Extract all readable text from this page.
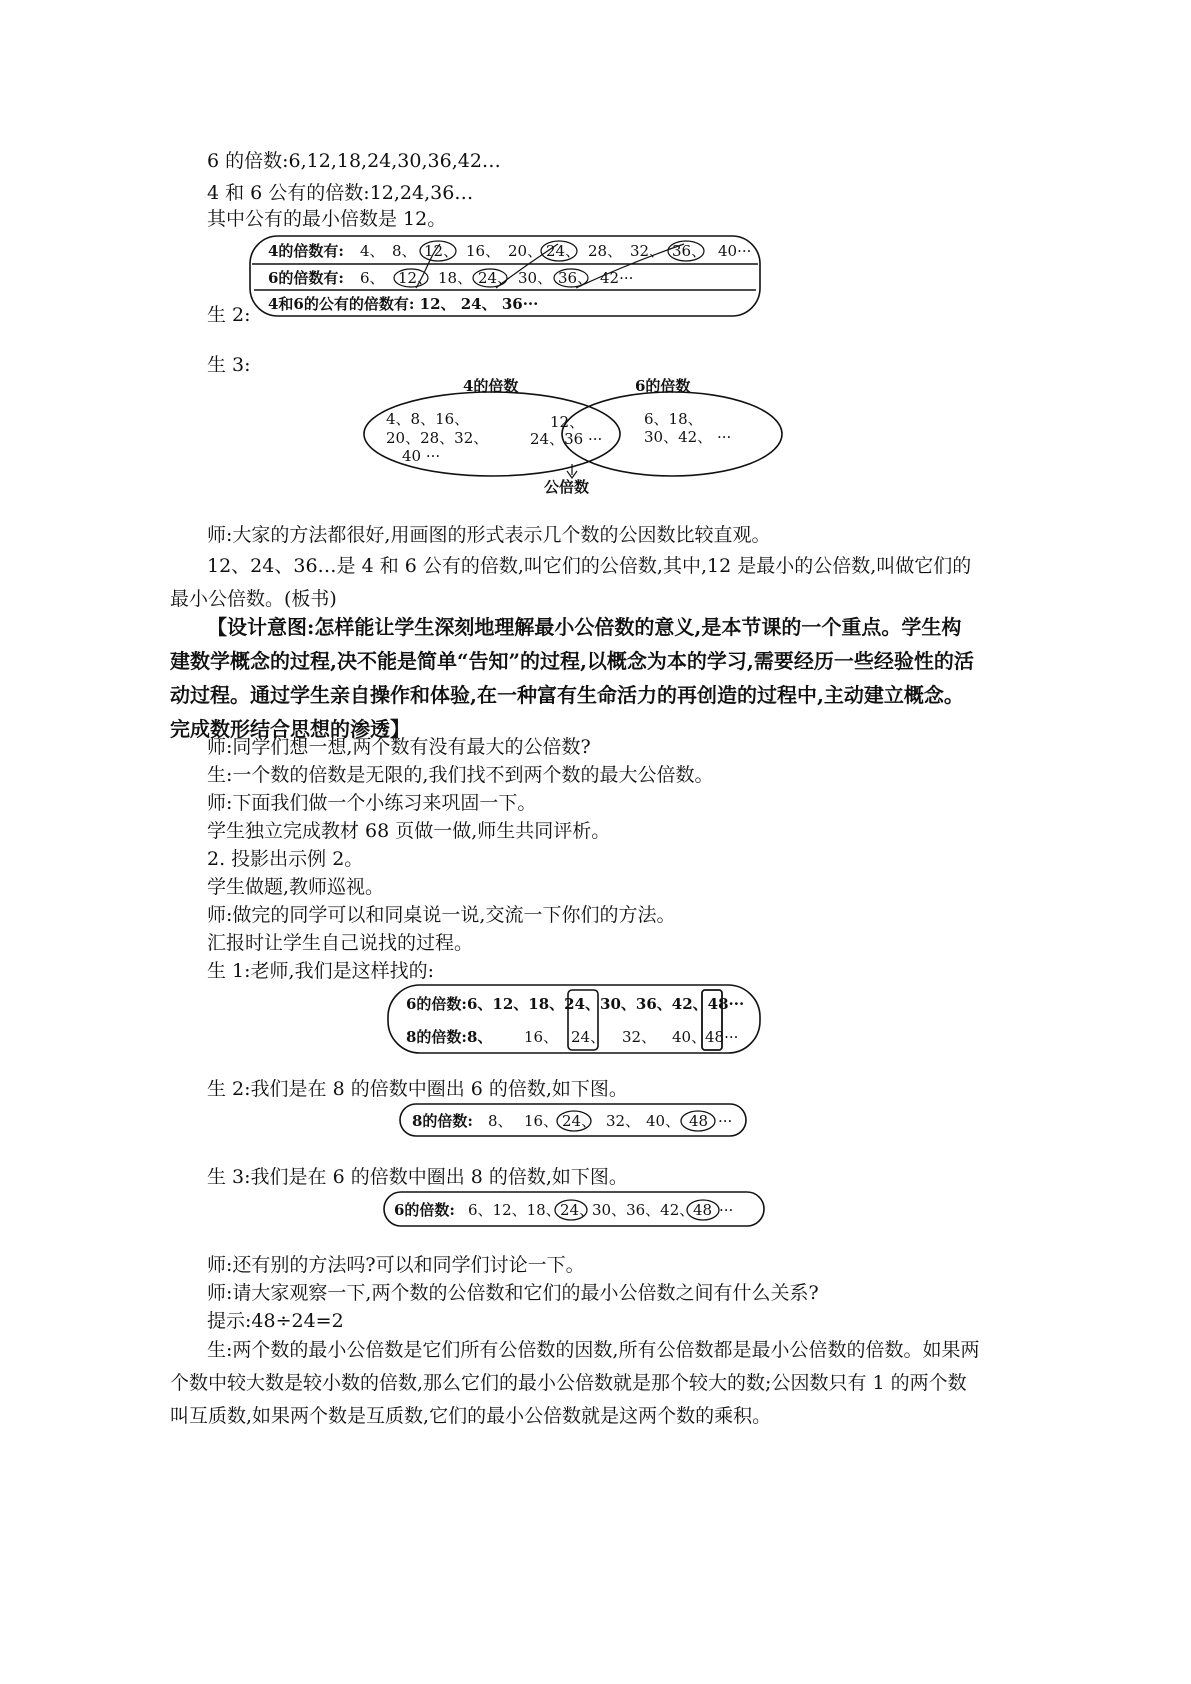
6 的倍数:6,12,18,24,30,36,42…
4 和 6 公有的倍数:12,24,36…
其中公有的最小倍数是 12。
4的倍数有: 4、 8、 12、 16、 20、 24、 28、 32、 36、 40···
6的倍数有: 6、 12、 18、 24、 30、 36、 42···
4和6的公有的倍数有: 12、 24、 36···
生 2:
生 3:
4的倍数	6的倍数
4、8、16、
20、28、32、
40 ···
12、
24、36 ···
6、18、
30、42、 ···
公倍数
师:大家的方法都很好,用画图的形式表示几个数的公因数比较直观。
12、24、36…是 4 和 6 公有的倍数,叫它们的公倍数,其中,12 是最小的公倍数,叫做它们的最小公倍数。(板书)
【设计意图:怎样能让学生深刻地理解最小公倍数的意义,是本节课的一个重点。学生构建数学概念的过程,决不能是简单“告知”的过程,以概念为本的学习,需要经历一些经验性的活动过程。通过学生亲自操作和体验,在一种富有生命活力的再创造的过程中,主动建立概念。完成数形结合思想的渗透】
师:同学们想一想,两个数有没有最大的公倍数?
生:一个数的倍数是无限的,我们找不到两个数的最大公倍数。
师:下面我们做一个小练习来巩固一下。
学生独立完成教材 68 页做一做,师生共同评析。
2. 投影出示例 2。
学生做题,教师巡视。
师:做完的同学可以和同桌说一说,交流一下你们的方法。
汇报时让学生自己说找的过程。
生 1:老师,我们是这样找的:
6的倍数:6、12、18、24、30、36、42、48···
8的倍数:8、 16、 24、 32、 40、
48···
生 2:我们是在 8 的倍数中圈出 6 的倍数,如下图。
8的倍数: 8、 16、 24、 32、 40、 48 ···
生 3:我们是在 6 的倍数中圈出 8 的倍数,如下图。
6的倍数: 6、12、18、 24、
30、36、42、
48 ···
师:还有别的方法吗?可以和同学们讨论一下。
师:请大家观察一下,两个数的公倍数和它们的最小公倍数之间有什么关系?
提示:48÷24=2
生:两个数的最小公倍数是它们所有公倍数的因数,所有公倍数都是最小公倍数的倍数。如果两个数中较大数是较小数的倍数,那么它们的最小公倍数就是那个较大的数;公因数只有 1 的两个数叫互质数,如果两个数是互质数,它们的最小公倍数就是这两个数的乘积。
